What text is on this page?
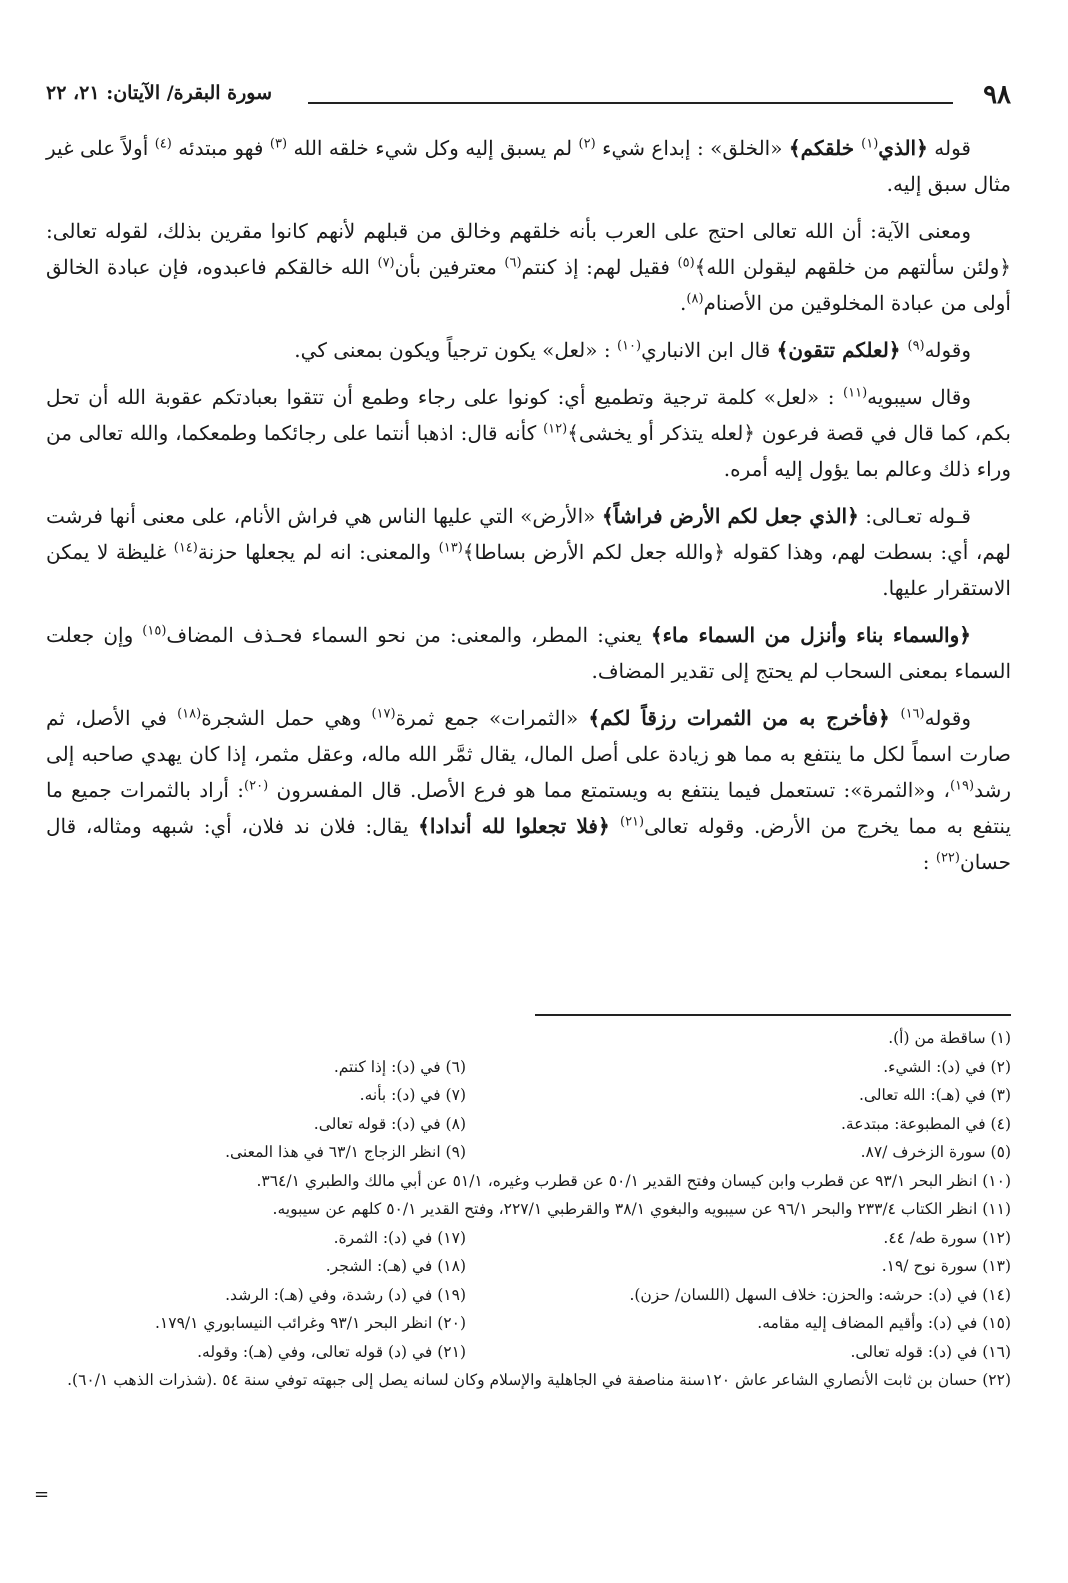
٩٨
سورة البقرة/ الآيتان: ٢١، ٢٢

قوله ﴿الذي$^{(١)}$ خلقكم﴾ «الخلق» : إبداع شيء $^{(٢)}$ لم يسبق إليه وكل شيء خلقه الله $^{(٣)}$ فهو مبتدئه $^{(٤)}$ أولاً على غير مثال سبق إليه.

ومعنى الآية: أن الله تعالى احتج على العرب بأنه خلقهم وخالق من قبلهم لأنهم كانوا مقرين بذلك، لقوله تعالى: ﴿ولئن سألتهم من خلقهم ليقولن الله﴾$^{(٥)}$ فقيل لهم: إذ كنتم$^{(٦)}$ معترفين بأن$^{(٧)}$ الله خالقكم فاعبدوه، فإن عبادة الخالق أولى من عبادة المخلوقين من الأصنام$^{(٨)}$.

وقوله$^{(٩)}$ ﴿لعلكم تتقون﴾ قال ابن الانباري$^{(١٠)}$ : «لعل» يكون ترجياً ويكون بمعنى كي.

وقال سيبويه$^{(١١)}$ : «لعل» كلمة ترجية وتطميع أي: كونوا على رجاء وطمع أن تتقوا بعبادتكم عقوبة الله أن تحل بكم، كما قال في قصة فرعون ﴿لعله يتذكر أو يخشى﴾$^{(١٢)}$ كأنه قال: اذهبا أنتما على رجائكما وطمعكما، والله تعالى من وراء ذلك وعالم بما يؤول إليه أمره.

قـوله تعـالى: ﴿الذي جعل لكم الأرض فراشاً﴾ «الأرض» التي عليها الناس هي فراش الأنام، على معنى أنها فرشت لهم، أي: بسطت لهم، وهذا كقوله ﴿والله جعل لكم الأرض بساطا﴾$^{(١٣)}$ والمعنى: انه لم يجعلها حزنة$^{(١٤)}$ غليظة لا يمكن الاستقرار عليها.

﴿والسماء بناء وأنزل من السماء ماء﴾ يعني: المطر، والمعنى: من نحو السماء فحـذف المضاف$^{(١٥)}$ وإن جعلت السماء بمعنى السحاب لم يحتج إلى تقدير المضاف.

وقوله$^{(١٦)}$ ﴿فأخرج به من الثمرات رزقاً لكم﴾ «الثمرات» جمع ثمرة$^{(١٧)}$ وهي حمل الشجرة$^{(١٨)}$ في الأصل، ثم صارت اسماً لكل ما ينتفع به مما هو زيادة على أصل المال، يقال ثمَّر الله ماله، وعقل مثمر، إذا كان يهدي صاحبه إلى رشد$^{(١٩)}$، و«الثمرة»: تستعمل فيما ينتفع به ويستمتع مما هو فرع الأصل. قال المفسرون $^{(٢٠)}$: أراد بالثمرات جميع ما ينتفع به مما يخرج من الأرض. وقوله تعالى$^{(٢١)}$ ﴿فلا تجعلوا لله أندادا﴾ يقال: فلان ند فلان، أي: شبهه ومثاله، قال حسان$^{(٢٢)}$ :

(١) ساقطة من (أ).
(٢) في (د): الشيء.
(٦) في (د): إذا كنتم.
(٣) في (هـ): الله تعالى.
(٧) في (د): بأنه.
(٤) في المطبوعة: مبتدعة.
(٨) في (د): قوله تعالى.
(٥) سورة الزخرف /٨٧.
(٩) انظر الزجاج ٦٣/١ في هذا المعنى.
(١٠) انظر البحر ٩٣/١ عن قطرب وابن كيسان وفتح القدير ٥٠/١ عن قطرب وغيره، ٥١/١ عن أبي مالك والطبري ٣٦٤/١.
(١١) انظر الكتاب ٢٣٣/٤ والبحر ٩٦/١ عن سيبويه والبغوي ٣٨/١ والقرطبي ٢٢٧/١، وفتح القدير ٥٠/١ كلهم عن سيبويه.
(١٢) سورة طه/ ٤٤.
(١٧) في (د): الثمرة.
(١٣) سورة نوح /١٩.
(١٨) في (هـ): الشجر.
(١٤) في (د): حرشه: والحزن: خلاف السهل (اللسان/ حزن).
(١٩) في (د) رشدة، وفي (هـ): الرشد.
(١٥) في (د): وأقيم المضاف إليه مقامه.
(٢٠) انظر البحر ٩٣/١ وغرائب النيسابوري ١٧٩/١.
(١٦) في (د): قوله تعالى.
(٢١) في (د) قوله تعالى، وفي (هـ): وقوله.
(٢٢) حسان بن ثابت الأنصاري الشاعر عاش ١٢٠سنة مناصفة في الجاهلية والإسلام وكان لسانه يصل إلى جبهته توفي سنة ٥٤ .(شذرات الذهب ٦٠/١).
=
